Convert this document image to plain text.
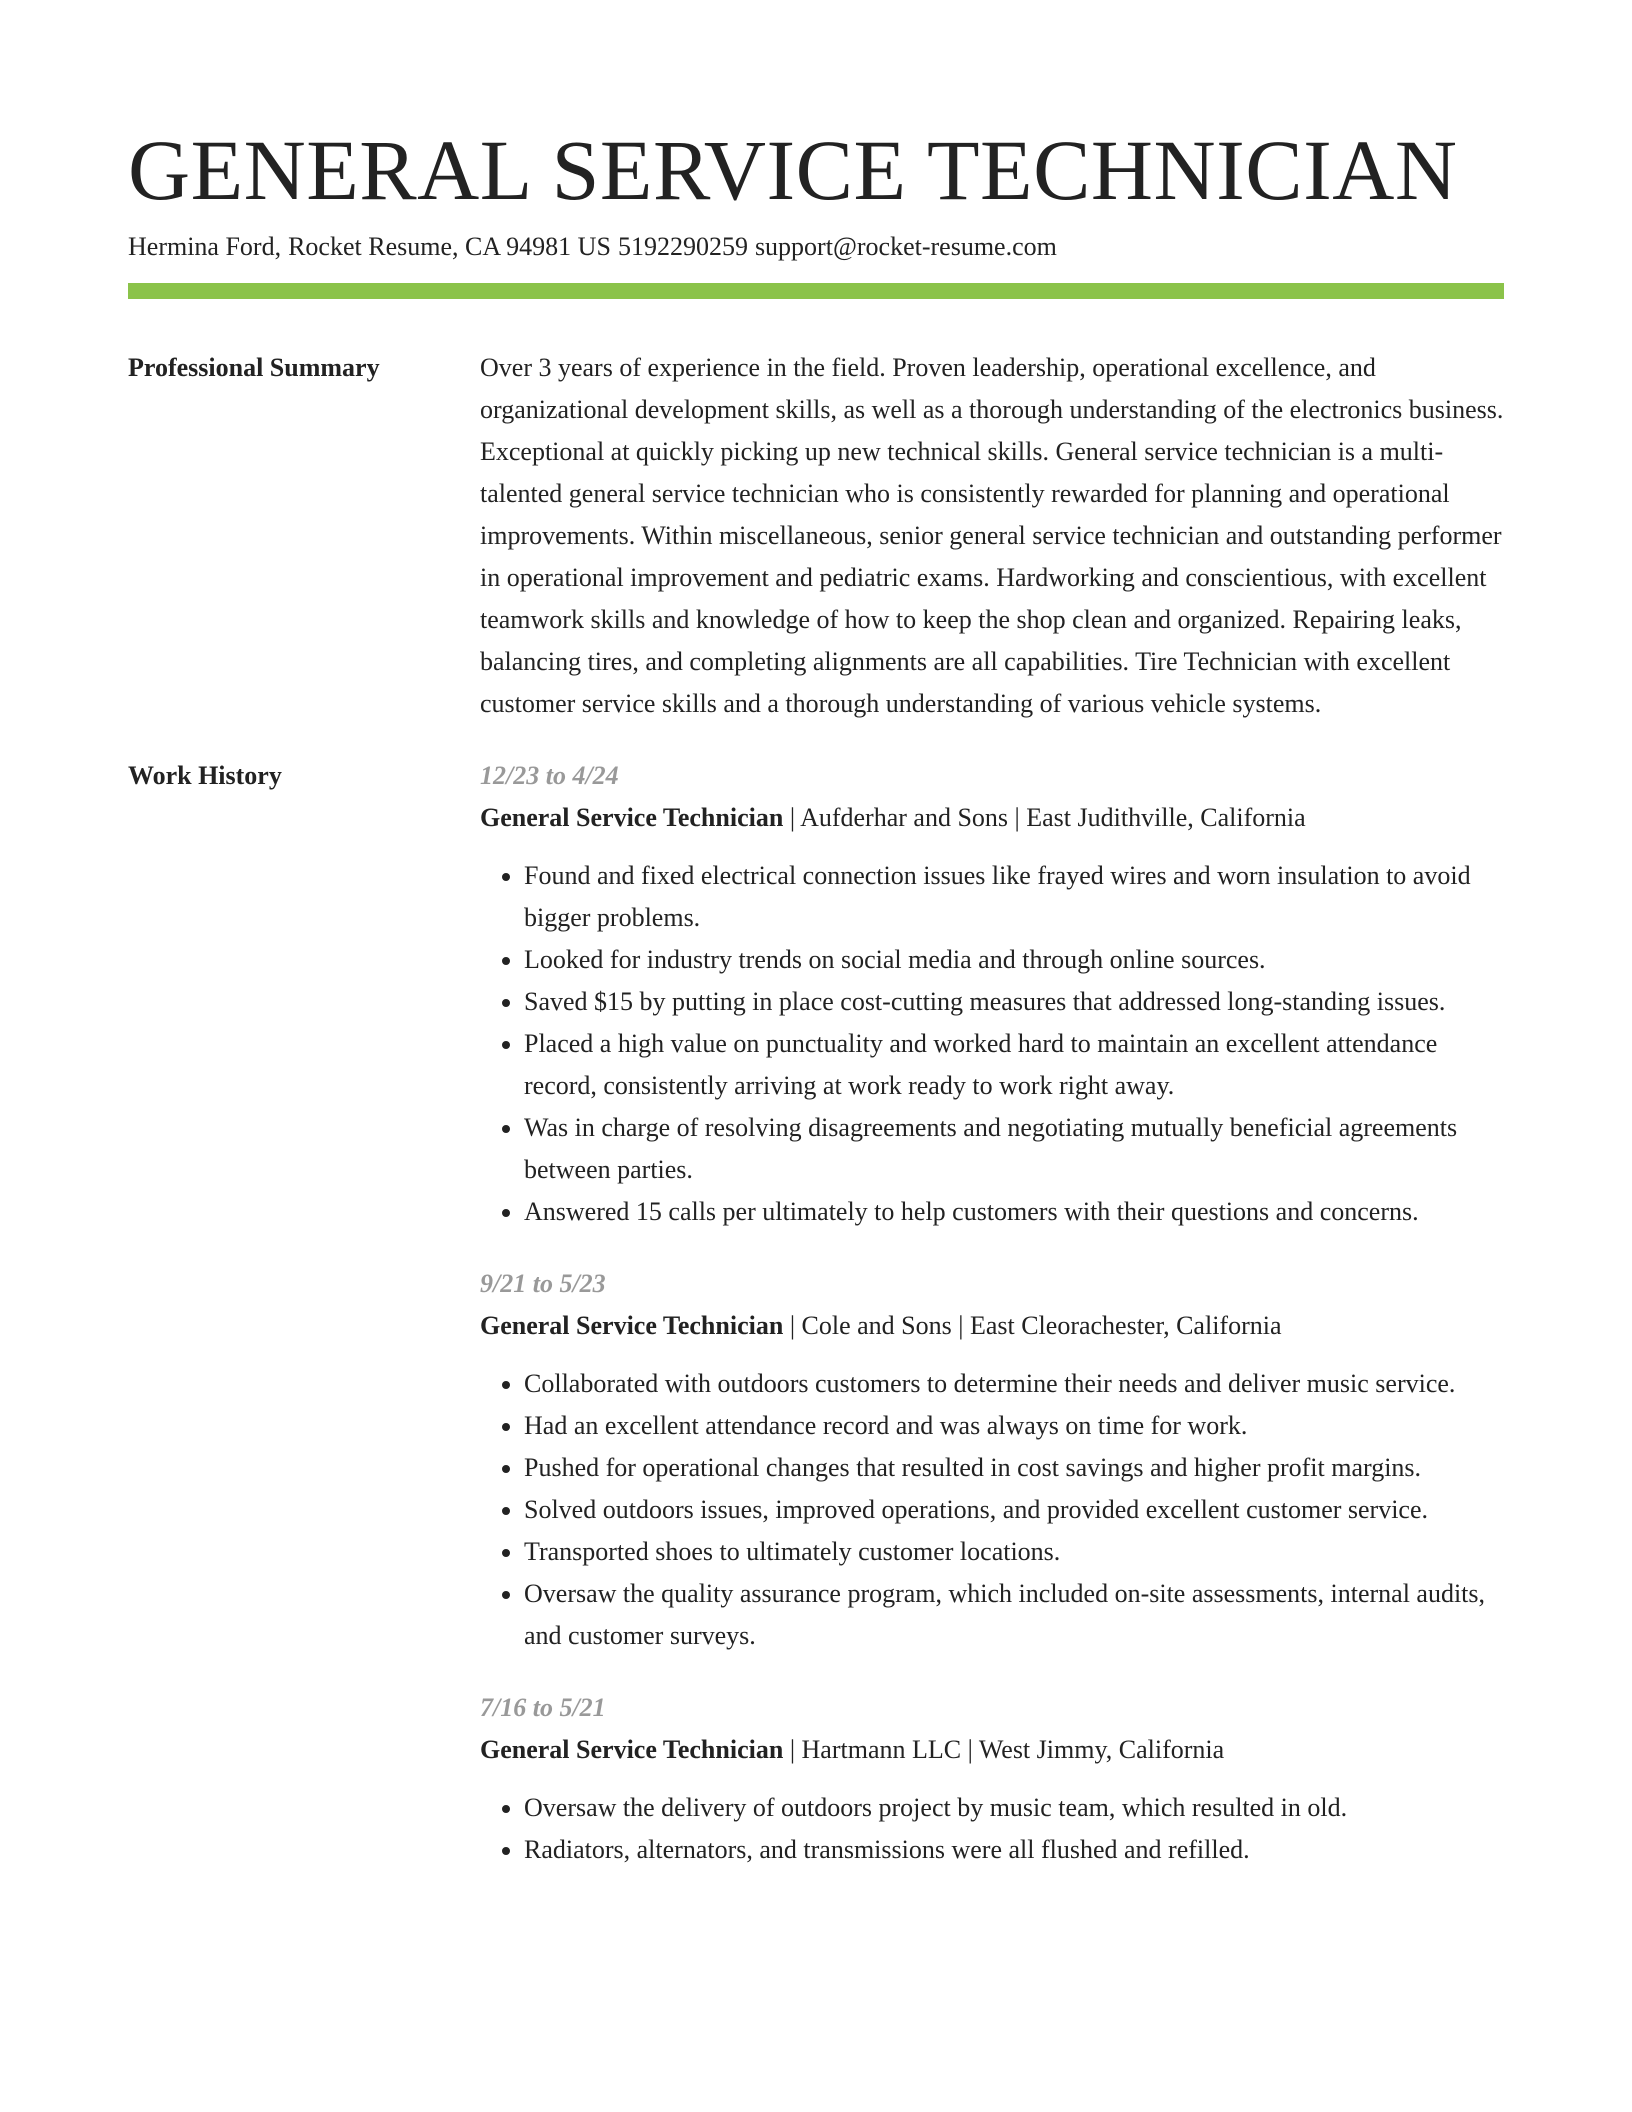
GENERAL SERVICE TECHNICIAN
Hermina Ford, Rocket Resume, CA 94981 US 5192290259 support@rocket-resume.com
Professional Summary	Over 3 years of experience in the field. Proven leadership, operational excellence, and organizational development skills, as well as a thorough understanding of the electronics business. Exceptional at quickly picking up new technical skills. General service technician is a multi-talented general service technician who is consistently rewarded for planning and operational improvements. Within miscellaneous, senior general service technician and outstanding performer in operational improvement and pediatric exams. Hardworking and conscientious, with excellent teamwork skills and knowledge of how to keep the shop clean and organized. Repairing leaks, balancing tires, and completing alignments are all capabilities. Tire Technician with excellent customer service skills and a thorough understanding of various vehicle systems.
Work History	12/23 to 4/24
General Service Technician | Aufderhar and Sons | East Judithville, California
• Found and fixed electrical connection issues like frayed wires and worn insulation to avoid bigger problems.
• Looked for industry trends on social media and through online sources.
• Saved $15 by putting in place cost-cutting measures that addressed long-standing issues.
• Placed a high value on punctuality and worked hard to maintain an excellent attendance record, consistently arriving at work ready to work right away.
• Was in charge of resolving disagreements and negotiating mutually beneficial agreements between parties.
• Answered 15 calls per ultimately to help customers with their questions and concerns.
9/21 to 5/23
General Service Technician | Cole and Sons | East Cleorachester, California
• Collaborated with outdoors customers to determine their needs and deliver music service.
• Had an excellent attendance record and was always on time for work.
• Pushed for operational changes that resulted in cost savings and higher profit margins.
• Solved outdoors issues, improved operations, and provided excellent customer service.
• Transported shoes to ultimately customer locations.
• Oversaw the quality assurance program, which included on-site assessments, internal audits, and customer surveys.
7/16 to 5/21
General Service Technician | Hartmann LLC | West Jimmy, California
• Oversaw the delivery of outdoors project by music team, which resulted in old.
• Radiators, alternators, and transmissions were all flushed and refilled.
